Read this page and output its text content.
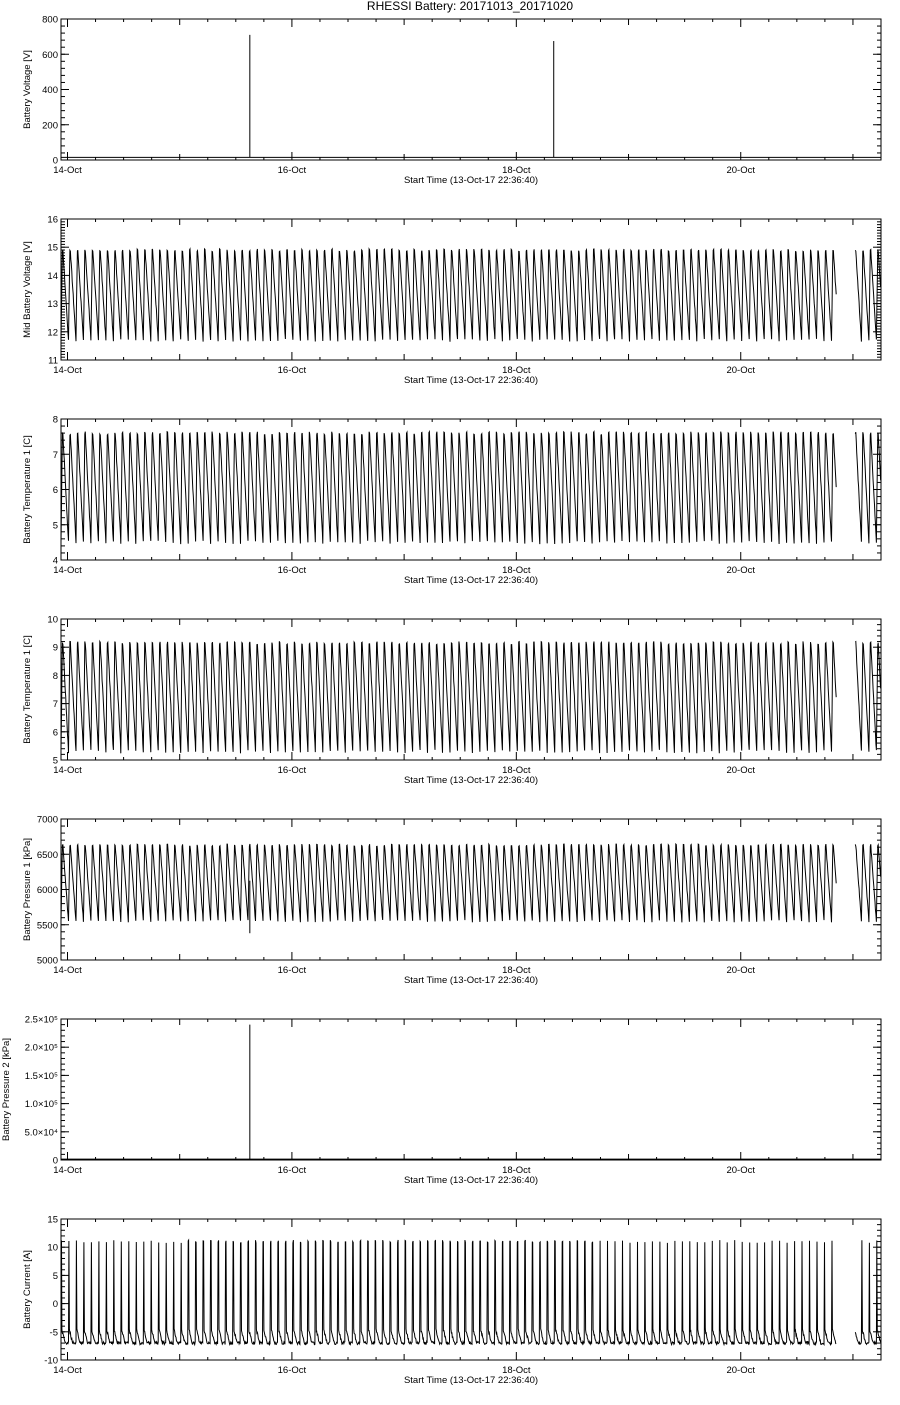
RHESSI Battery: 20171013_20171020
0
200
400
600
800
14-Oct	16-Oct	18-Oct	20-Oct
Start Time (13-Oct-17 22:36:40)
Battery Voltage [V]
11
12
13
14
15
16
14-Oct	16-Oct	18-Oct	20-Oct
Start Time (13-Oct-17 22:36:40)
Mid Battery Voltage [V]
4
5
6
7
8
14-Oct	16-Oct	18-Oct	20-Oct
Start Time (13-Oct-17 22:36:40)
Battery Temperature 1 [C]
5
6
7
8
9
10
14-Oct	16-Oct	18-Oct	20-Oct
Start Time (13-Oct-17 22:36:40)
Battery Temperature 1 [C]
5000
5500
6000
6500
7000
14-Oct	16-Oct	18-Oct	20-Oct
Start Time (13-Oct-17 22:36:40)
Battery Pressure 1 [kPa]
0
5.0×10⁴
1.0×10⁵
1.5×10⁵
2.0×10⁵
2.5×10⁵
14-Oct	16-Oct	18-Oct	20-Oct
Start Time (13-Oct-17 22:36:40)
Battery Pressure 2 [kPa]
-10
-5
0
5
10
15
14-Oct	16-Oct	18-Oct	20-Oct
Start Time (13-Oct-17 22:36:40)
Battery Current [A]
